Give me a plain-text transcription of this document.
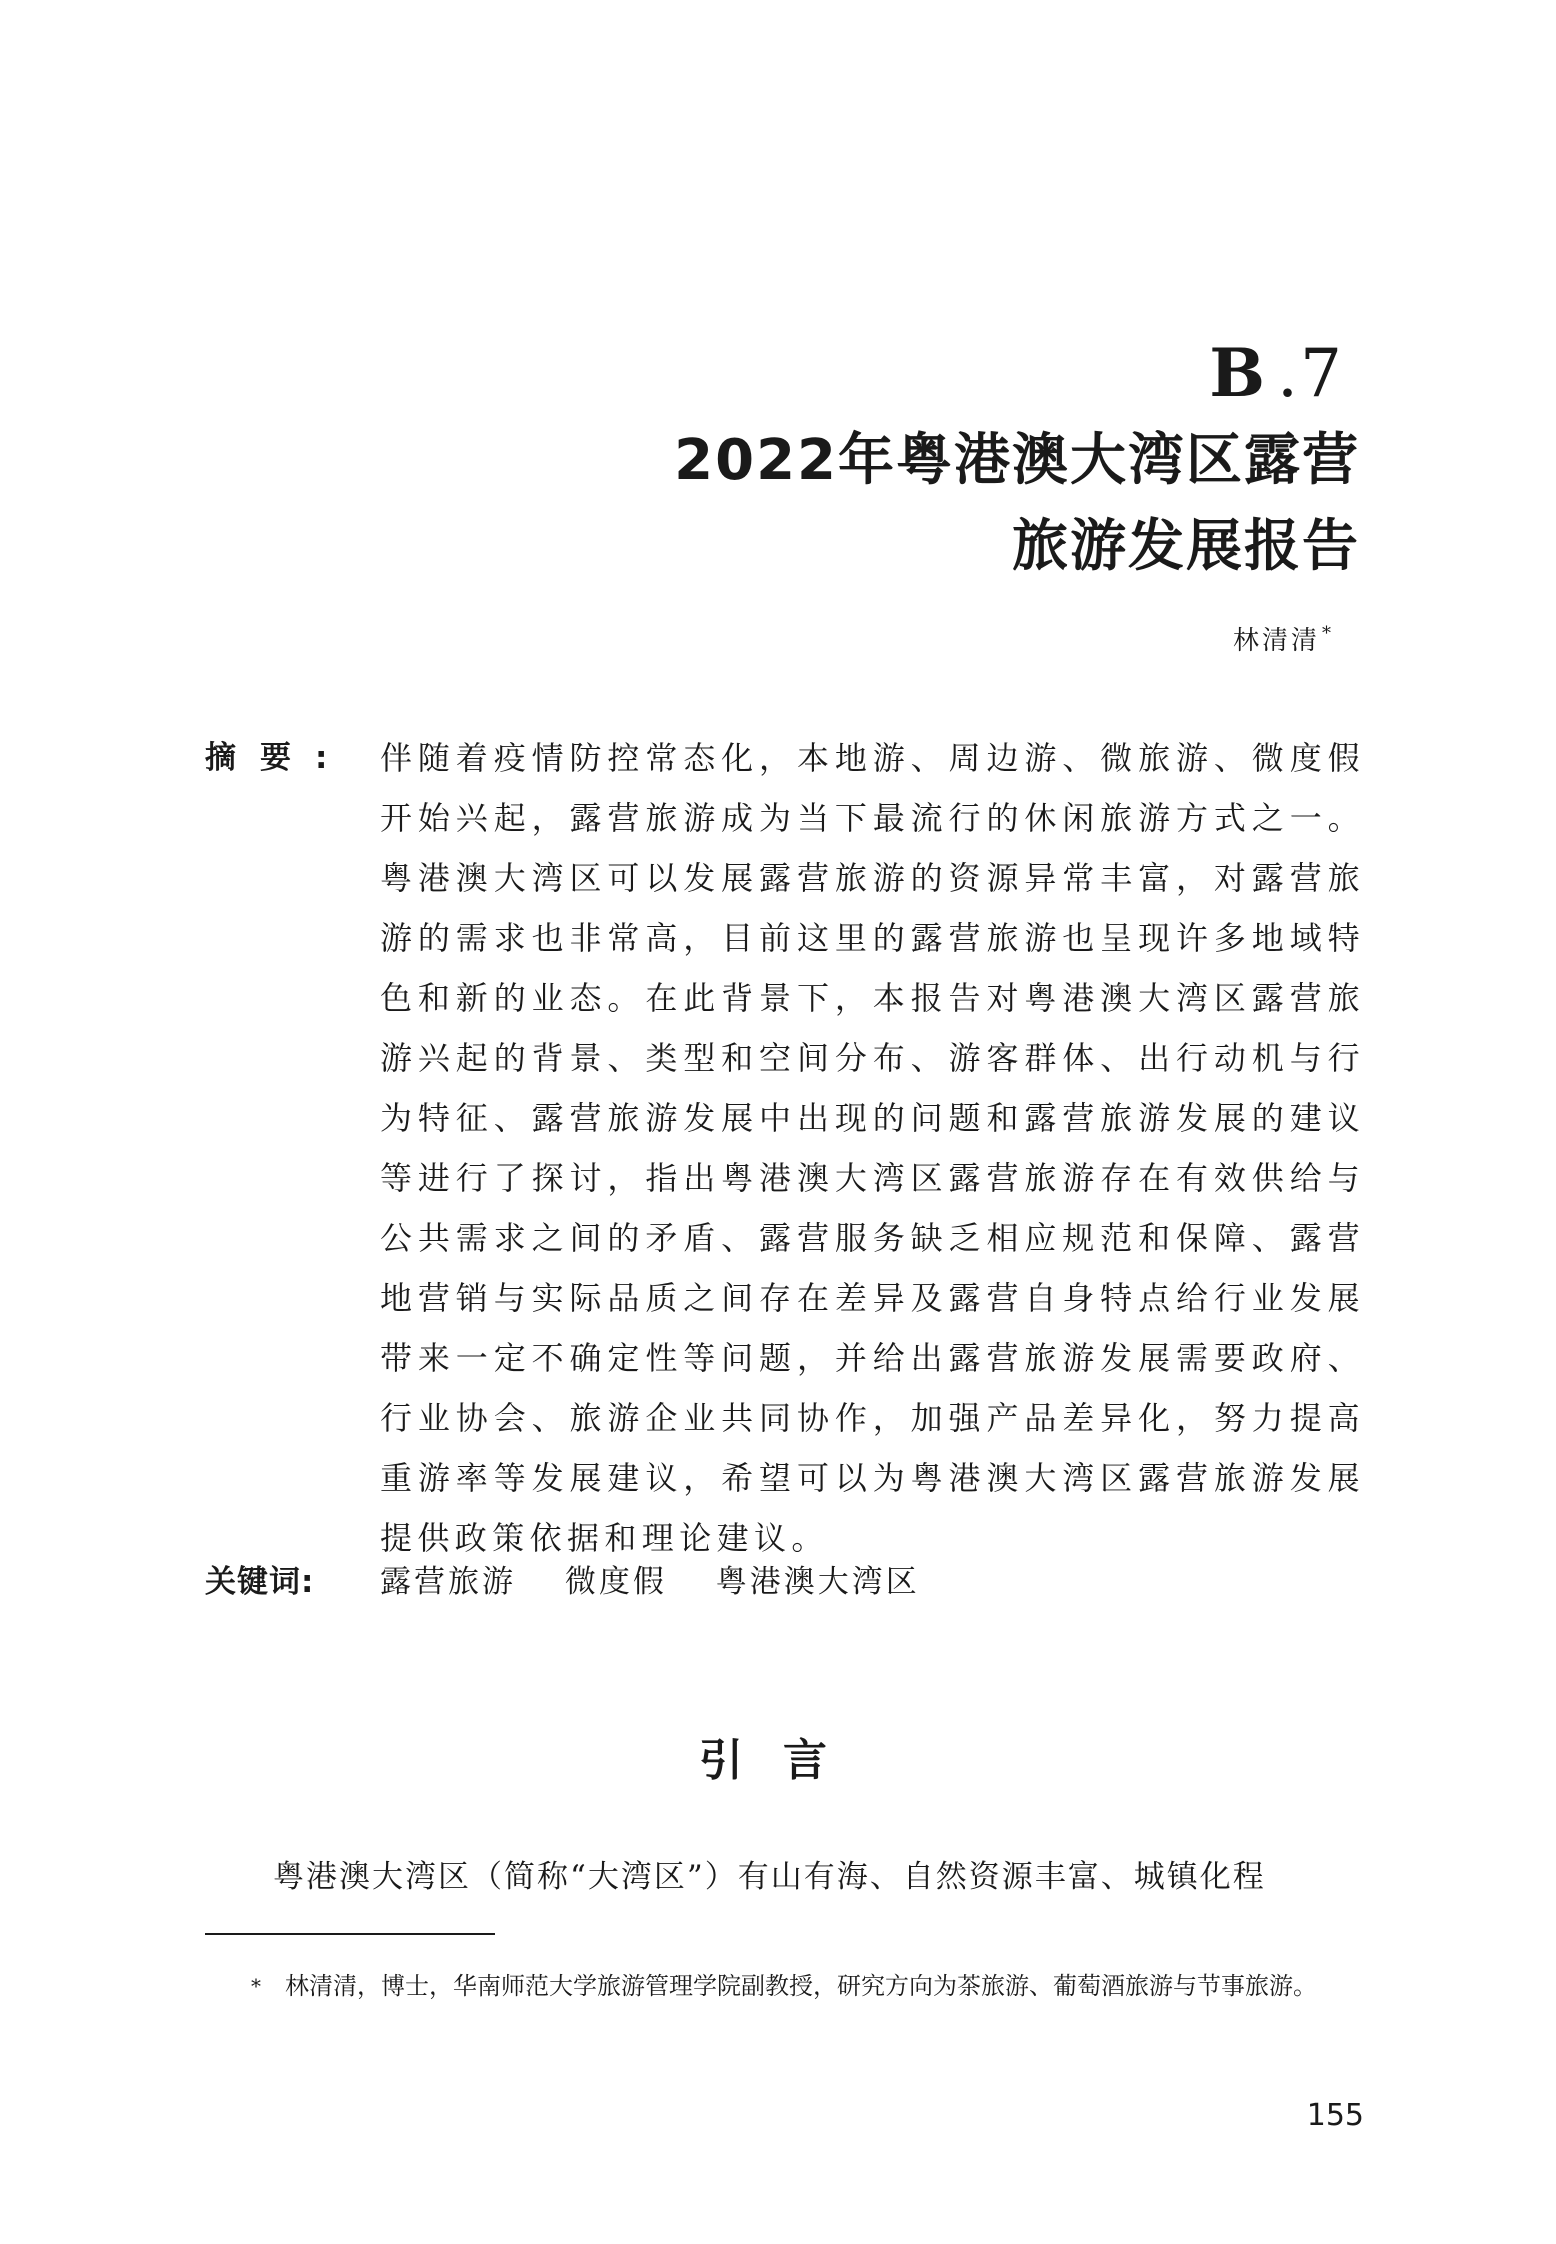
B .7
2022年粤港澳大湾区露营
旅游发展报告
林清清 *
摘要: 伴随着疫情防控常态化，本地游、周边游、微旅游、微度假开始兴起，露营旅游成为当下最流行的休闲旅游方式之一。粤港澳大湾区可以发展露营旅游的资源异常丰富，对露营旅游的需求也非常高，目前这里的露营旅游也呈现许多地域特色和新的业态。在此背景下，本报告对粤港澳大湾区露营旅游兴起的背景、类型和空间分布、游客群体、出行动机与行为特征、露营旅游发展中出现的问题和露营旅游发展的建议等进行了探讨，指出粤港澳大湾区露营旅游存在有效供给与公共需求之间的矛盾、露营服务缺乏相应规范和保障、露营地营销与实际品质之间存在差异及露营自身特点给行业发展带来一定不确定性等问题，并给出露营旅游发展需要政府、行业协会、旅游企业共同协作，加强产品差异化，努力提高重游率等发展建议，希望可以为粤港澳大湾区露营旅游发展提供政策依据和理论建议。
关键词: 露营旅游 微度假 粤港澳大湾区
引言
粤港澳大湾区（简称“大湾区”）有山有海、自然资源丰富、城镇化程
* 林清清，博士，华南师范大学旅游管理学院副教授，研究方向为茶旅游、葡萄酒旅游与节事旅游。
155
